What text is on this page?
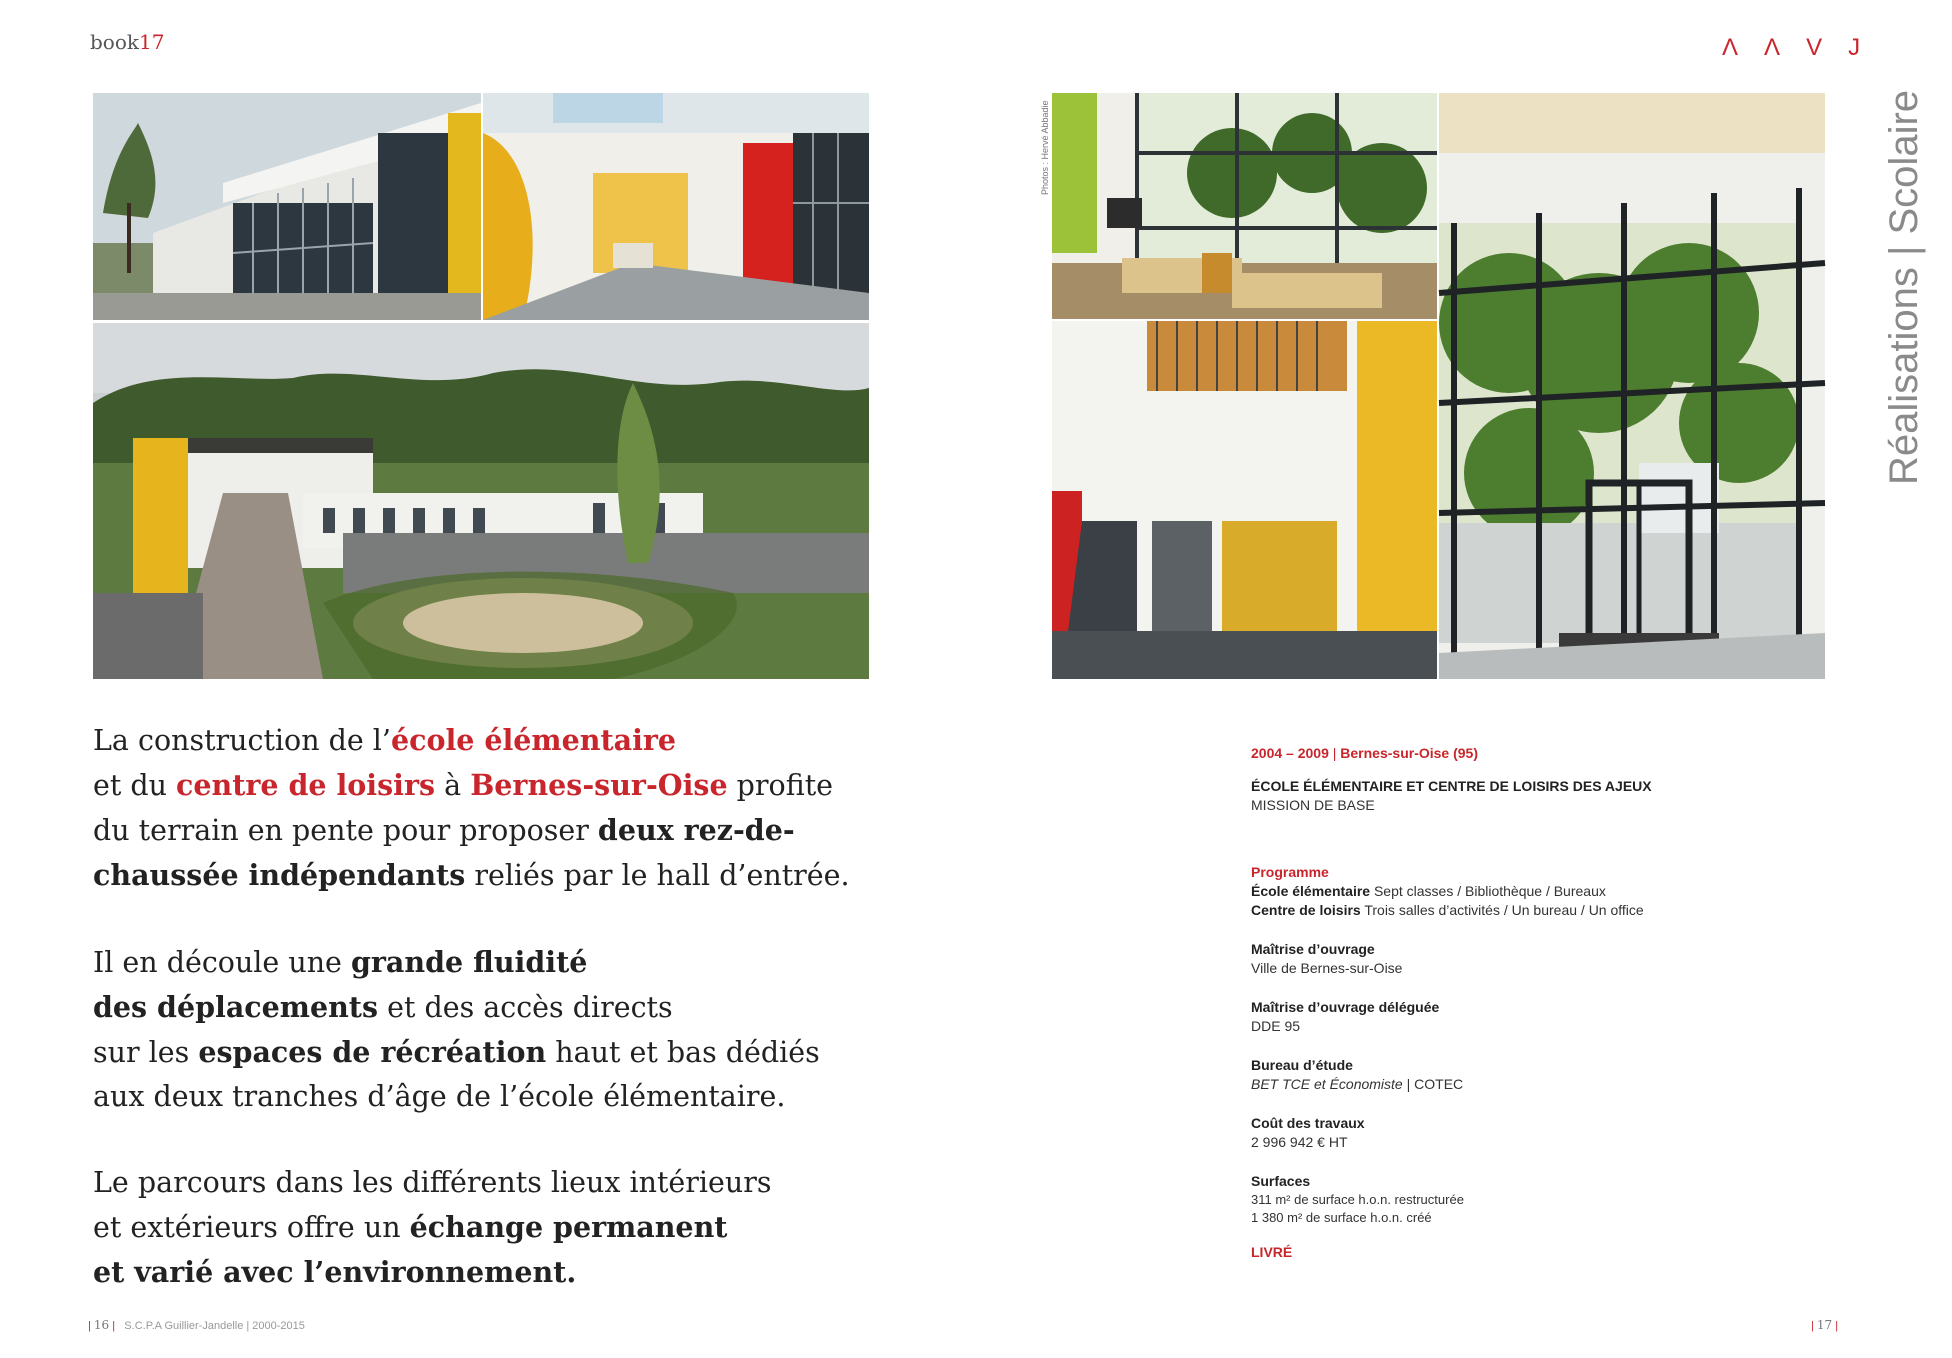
book17	ΛΛVJ
Réalisations | Scolaire
Photos : Hervé Abbadie

La construction de l’école élémentaire
et du centre de loisirs à Bernes-sur-Oise profite du terrain en pente pour proposer deux rez-de-chaussée indépendants reliés par le hall d’entrée.

Il en découle une grande fluidité
des déplacements et des accès directs
sur les espaces de récréation haut et bas dédiés
aux deux tranches d’âge de l’école élémentaire.

Le parcours dans les différents lieux intérieurs
et extérieurs offre un échange permanent
et varié avec l’environnement.

2004 – 2009 | Bernes-sur-Oise (95)
ÉCOLE ÉLÉMENTAIRE ET CENTRE DE LOISIRS DES AJEUX
MISSION DE BASE
Programme
École élémentaire Sept classes / Bibliothèque / Bureaux
Centre de loisirs Trois salles d’activités / Un bureau / Un office
Maîtrise d’ouvrage
Ville de Bernes-sur-Oise
Maîtrise d’ouvrage déléguée
DDE 95
Bureau d’étude
BET TCE et Économiste | COTEC
Coût des travaux
2 996 942 € HT
Surfaces
311 m² de surface h.o.n. restructurée
1 380 m² de surface h.o.n. créé
LIVRÉ
| 16 | S.C.P.A Guillier-Jandelle | 2000-2015	| 17 |
